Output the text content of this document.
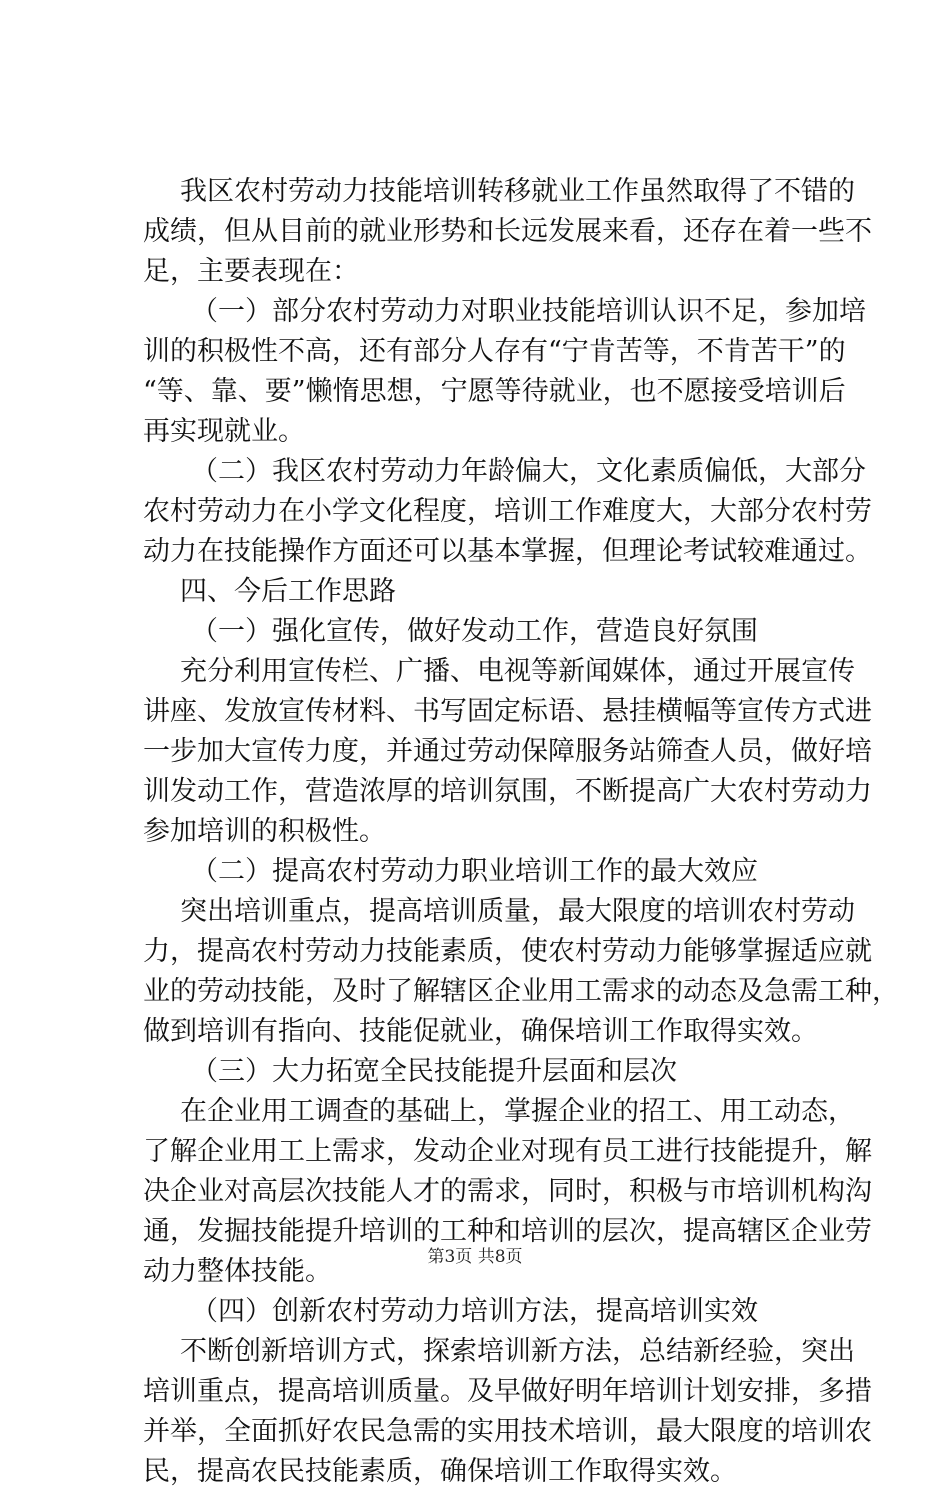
我区农村劳动力技能培训转移就业工作虽然取得了不错的
成绩，但从目前的就业形势和长远发展来看，还存在着一些不
足，主要表现在：
（一）部分农村劳动力对职业技能培训认识不足，参加培
训的积极性不高，还有部分人存有“宁肯苦等，不肯苦干”的
“等、靠、要”懒惰思想，宁愿等待就业，也不愿接受培训后
再实现就业。
（二）我区农村劳动力年龄偏大，文化素质偏低，大部分
农村劳动力在小学文化程度，培训工作难度大，大部分农村劳
动力在技能操作方面还可以基本掌握，但理论考试较难通过。
四、今后工作思路
（一）强化宣传，做好发动工作，营造良好氛围
充分利用宣传栏、广播、电视等新闻媒体，通过开展宣传
讲座、发放宣传材料、书写固定标语、悬挂横幅等宣传方式进
一步加大宣传力度，并通过劳动保障服务站筛查人员，做好培
训发动工作，营造浓厚的培训氛围，不断提高广大农村劳动力
参加培训的积极性。
（二）提高农村劳动力职业培训工作的最大效应
突出培训重点，提高培训质量，最大限度的培训农村劳动
力，提高农村劳动力技能素质，使农村劳动力能够掌握适应就
业的劳动技能，及时了解辖区企业用工需求的动态及急需工种，
做到培训有指向、技能促就业，确保培训工作取得实效。
（三）大力拓宽全民技能提升层面和层次
在企业用工调查的基础上，掌握企业的招工、用工动态，
了解企业用工上需求，发动企业对现有员工进行技能提升，解
决企业对高层次技能人才的需求，同时，积极与市培训机构沟
通，发掘技能提升培训的工种和培训的层次，提高辖区企业劳
动力整体技能。
（四）创新农村劳动力培训方法，提高培训实效
不断创新培训方式，探索培训新方法，总结新经验，突出
培训重点，提高培训质量。及早做好明年培训计划安排，多措
并举，全面抓好农民急需的实用技术培训，最大限度的培训农
民，提高农民技能素质，确保培训工作取得实效。
第3页 共8页
